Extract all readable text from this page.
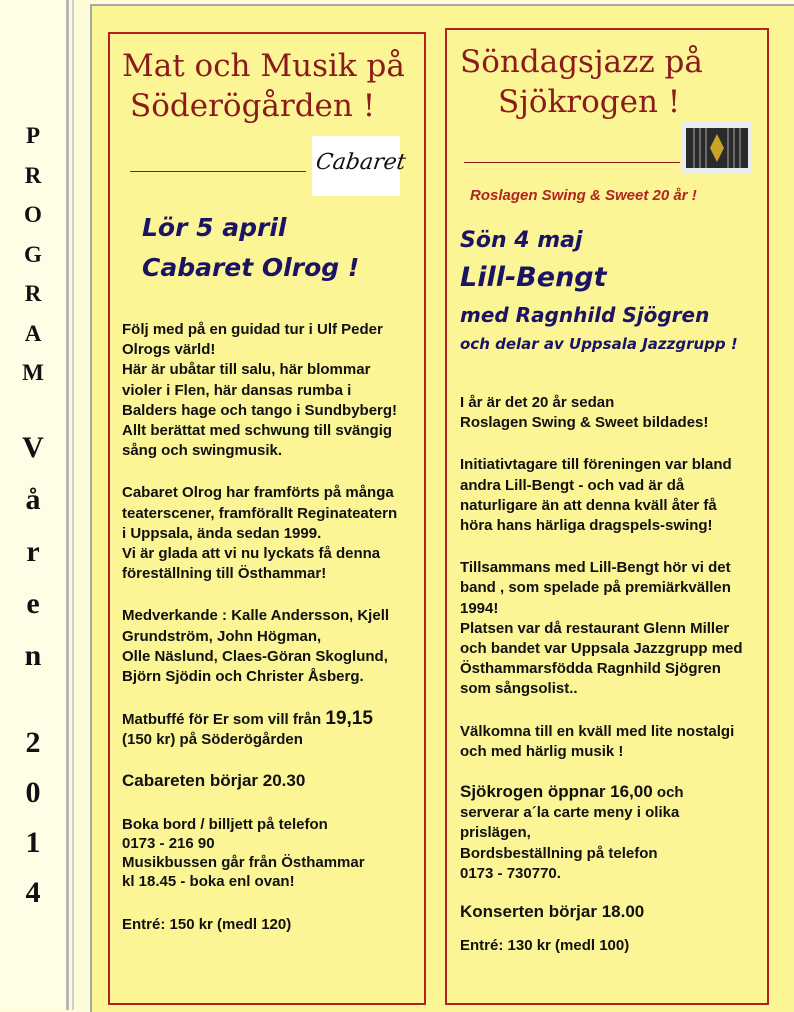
P
R
O
G
R
A
M
V
å
r
e
n
2
0
1
4
Mat och Musik på
Söderögården !
Cabaret
Lör 5 april
Cabaret Olrog !
Följ med på en guidad tur i Ulf Peder
Olrogs värld!
Här är ubåtar till salu, här blommar
violer i Flen, här dansas rumba i
Balders hage och tango i Sundbyberg!
Allt berättat med schwung till svängig
sång och swingmusik.
Cabaret Olrog har framförts på många
teaterscener, framförallt Reginateatern
i Uppsala, ända sedan 1999.
Vi är glada att vi nu lyckats få denna
föreställning till Östhammar!
Medverkande : Kalle Andersson, Kjell
Grundström, John Högman,
Olle Näslund, Claes-Göran Skoglund,
Björn Sjödin och Christer Åsberg.
Matbuffé för Er som vill från 19,15
(150 kr) på Söderögården
Cabareten börjar 20.30
Boka bord / billjett på telefon
0173 - 216 90
Musikbussen går från Östhammar
kl 18.45 - boka enl ovan!
Entré: 150 kr (medl 120)
Söndagsjazz på
Sjökrogen !
Roslagen Swing & Sweet 20 år !
Sön 4 maj
Lill-Bengt
med Ragnhild Sjögren
och delar av Uppsala Jazzgrupp !
I år är det 20 år sedan
Roslagen Swing & Sweet bildades!
Initiativtagare till föreningen var bland
andra Lill-Bengt - och vad är då
naturligare än att denna kväll åter få
höra hans härliga dragspels-swing!
Tillsammans med Lill-Bengt hör vi det
band , som spelade på premiärkvällen
1994!
Platsen var då restaurant Glenn Miller
och bandet var Uppsala Jazzgrupp med
Östhammarsfödda Ragnhild Sjögren
som sångsolist..
Välkomna till en kväll med lite nostalgi
och med härlig musik !
Sjökrogen öppnar 16,00 och
serverar a´la carte meny i olika
prislägen,
Bordsbeställning på telefon
0173 - 730770.
Konserten börjar 18.00
Entré: 130 kr (medl 100)
